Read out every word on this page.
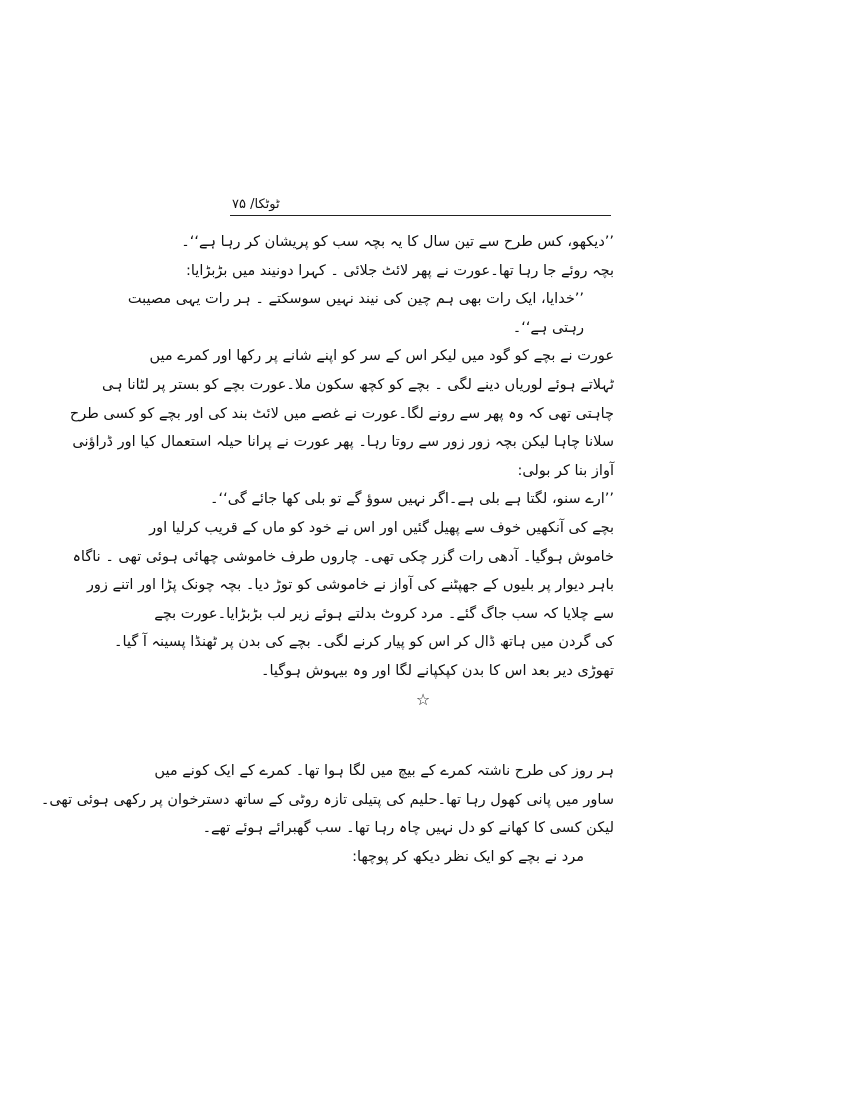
ٹوٹکا/ ۷۵
’’دیکھو، کس طرح سے تین سال کا یہ بچہ سب کو پریشان کر رہا ہے‘‘۔
بچہ روئے جا رہا تھا۔عورت نے پھر لائٹ جلائی ۔ کہرا دونیند میں بڑبڑایا:
’’خدایا، ایک رات بھی ہم چین کی نیند نہیں سوسکتے ۔ ہر رات یہی مصیبت
رہتی ہے‘‘۔
عورت نے بچے کو گود میں لیکر اس کے سر کو اپنے شانے پر رکھا اور کمرے میں
ٹہلاتے ہوئے لوریاں دینے لگی ۔ بچے کو کچھ سکون ملا۔عورت بچے کو بستر پر لٹانا ہی
چاہتی تھی کہ وہ پھر سے رونے لگا۔عورت نے غصے میں لائٹ بند کی اور بچے کو کسی طرح
سلانا چاہا لیکن بچہ زور زور سے روتا رہا۔ پھر عورت نے پرانا حیلہ استعمال کیا اور ڈراؤنی
آواز بنا کر بولی:
’’ارے سنو، لگتا ہے بلی ہے۔اگر نہیں سوؤ گے تو بلی کھا جائے گی‘‘۔
بچے کی آنکھیں خوف سے پھیل گئیں اور اس نے خود کو ماں کے قریب کرلیا اور
خاموش ہوگیا۔ آدھی رات گزر چکی تھی۔ چاروں طرف خاموشی چھائی ہوئی تھی ۔ ناگاہ
باہر دیوار پر بلیوں کے جھپٹنے کی آواز نے خاموشی کو توڑ دیا۔ بچہ چونک پڑا اور اتنے زور
سے چلایا کہ سب جاگ گئے۔ مرد کروٹ بدلتے ہوئے زیر لب بڑبڑایا۔عورت بچے
کی گردن میں ہاتھ ڈال کر اس کو پیار کرنے لگی۔ بچے کی بدن پر ٹھنڈا پسینہ آ گیا۔
تھوڑی دیر بعد اس کا بدن کپکپانے لگا اور وہ بیہوش ہوگیا۔
☆
ہر روز کی طرح ناشتہ کمرے کے بیچ میں لگا ہوا تھا۔ کمرے کے ایک کونے میں
ساور میں پانی کھول رہا تھا۔حلیم کی پتیلی تازہ روٹی کے ساتھ دسترخوان پر رکھی ہوئی تھی۔
لیکن کسی کا کھانے کو دل نہیں چاہ رہا تھا۔ سب گھبرائے ہوئے تھے۔
مرد نے بچے کو ایک نظر دیکھ کر پوچھا:
